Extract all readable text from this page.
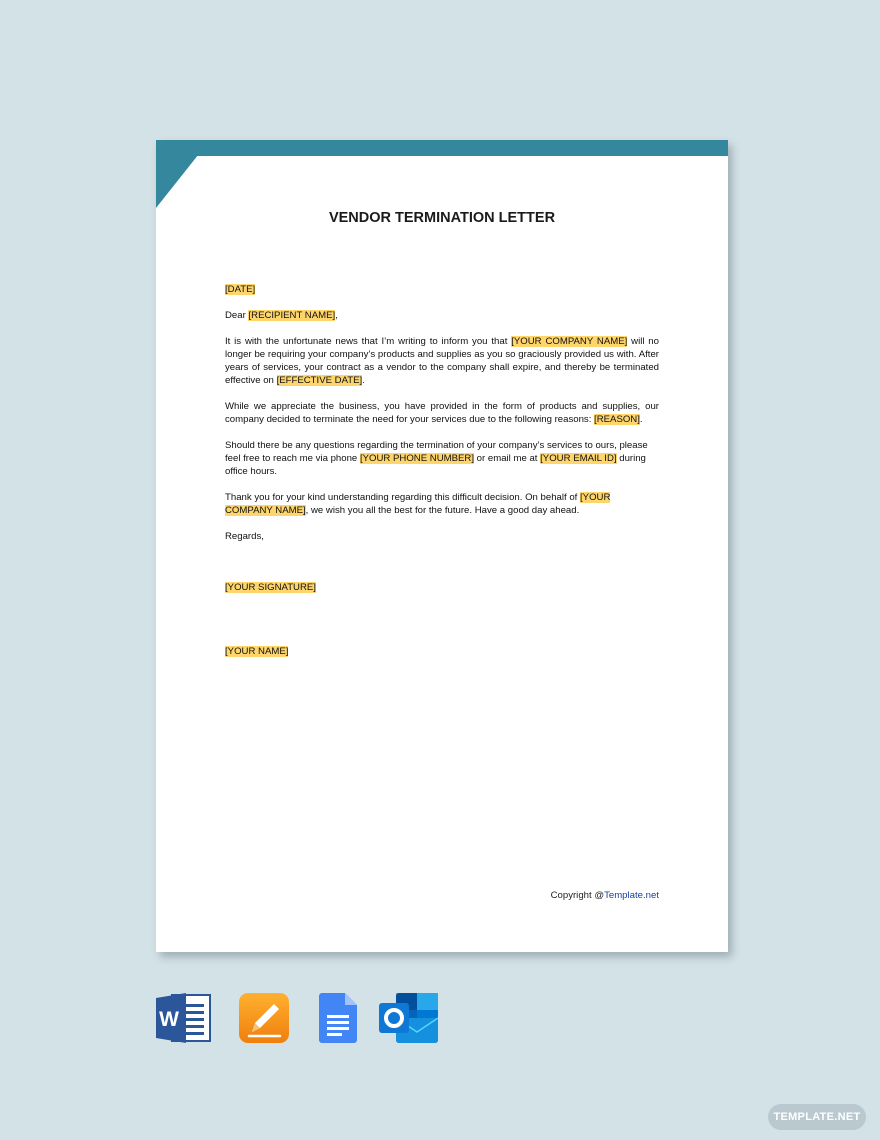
VENDOR TERMINATION LETTER

[DATE]

Dear [RECIPIENT NAME],

It is with the unfortunate news that I’m writing to inform you that [YOUR COMPANY NAME] will no longer be requiring your company’s products and supplies as you so graciously provided us with. After years of services, your contract as a vendor to the company shall expire, and thereby be terminated effective on [EFFECTIVE DATE].

While we appreciate the business, you have provided in the form of products and supplies, our company decided to terminate the need for your services due to the following reasons: [REASON].

Should there be any questions regarding the termination of your company’s services to ours, please feel free to reach me via phone [YOUR PHONE NUMBER] or email me at [YOUR EMAIL ID] during office hours.

Thank you for your kind understanding regarding this difficult decision. On behalf of [YOUR COMPANY NAME], we wish you all the best for the future. Have a good day ahead.

Regards,

[YOUR SIGNATURE]

[YOUR NAME]

Copyright @Template.net
W
TEMPLATE.NET
